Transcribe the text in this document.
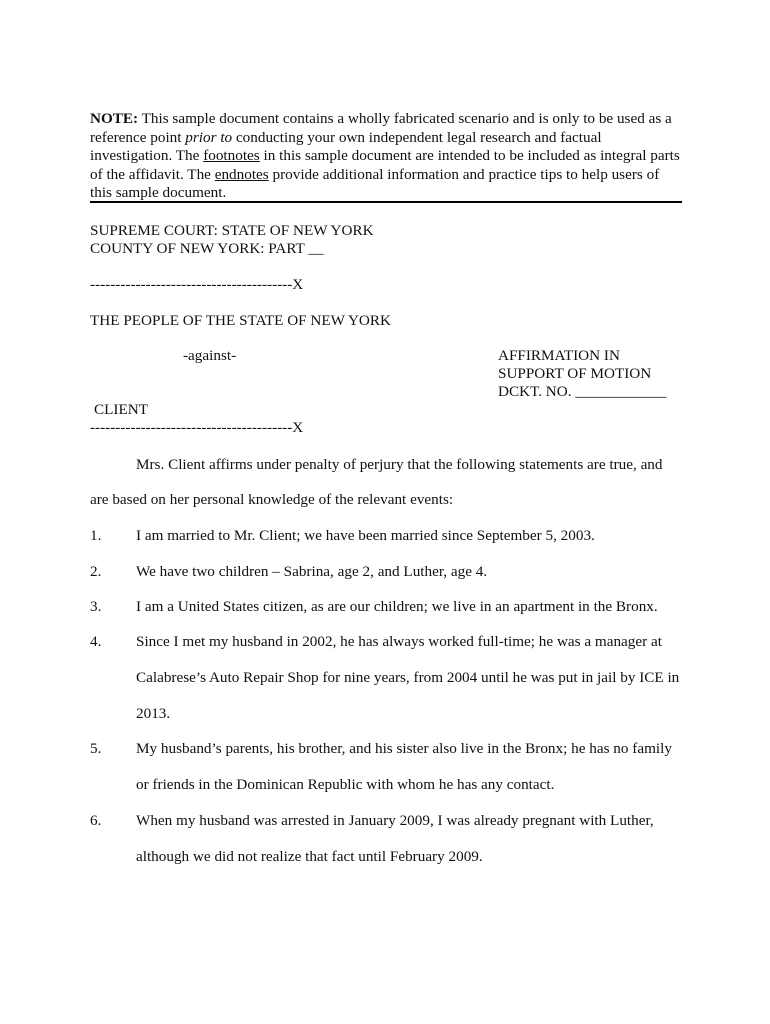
NOTE: This sample document contains a wholly fabricated scenario and is only to be used as a reference point prior to conducting your own independent legal research and factual investigation. The footnotes in this sample document are intended to be included as integral parts of the affidavit. The endnotes provide additional information and practice tips to help users of this sample document.
SUPREME COURT: STATE OF NEW YORK
COUNTY OF NEW YORK: PART __
----------------------------------------X
THE PEOPLE OF THE STATE OF NEW YORK
-against-
CLIENT
----------------------------------------X
AFFIRMATION IN
SUPPORT OF MOTION
DCKT. NO. ____________
Mrs. Client affirms under penalty of perjury that the following statements are true, and
are based on her personal knowledge of the relevant events:
1. I am married to Mr. Client; we have been married since September 5, 2003.
2. We have two children – Sabrina, age 2, and Luther, age 4.
3. I am a United States citizen, as are our children; we live in an apartment in the Bronx.
4. Since I met my husband in 2002, he has always worked full-time; he was a manager at
Calabrese’s Auto Repair Shop for nine years, from 2004 until he was put in jail by ICE in
2013.
5. My husband’s parents, his brother, and his sister also live in the Bronx; he has no family
or friends in the Dominican Republic with whom he has any contact.
6. When my husband was arrested in January 2009, I was already pregnant with Luther,
although we did not realize that fact until February 2009.
